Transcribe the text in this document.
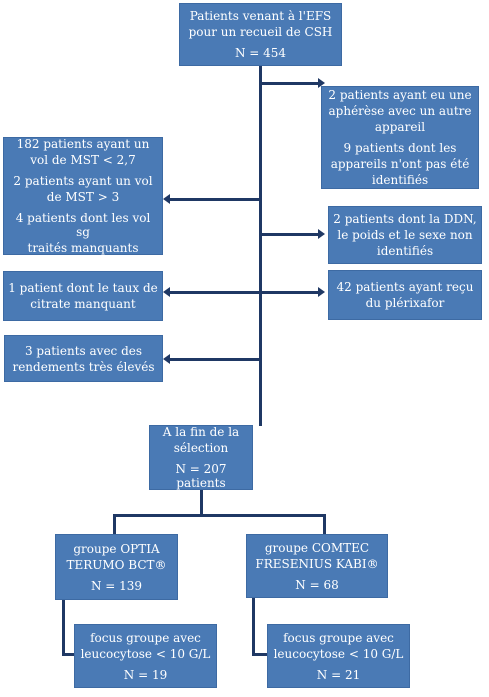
Patients venant à l'EFS
pour un recueil de CSH
N = 454
2 patients ayant eu une
aphérèse avec un autre
appareil
9 patients dont les
appareils n'ont pas été
identifiés
182 patients ayant un
vol de MST < 2,7
2 patients ayant un vol
de MST > 3
4 patients dont les vol sg
traités manquants
2 patients dont la DDN,
le poids et le sexe non
identifiés
1 patient dont le taux de
citrate manquant
42 patients ayant reçu
du plérixafor
3 patients avec des
rendements très élevés
A la fin de la
sélection
N = 207 patients
groupe OPTIA
TERUMO BCT®
N = 139
groupe COMTEC
FRESENIUS KABI®
N = 68
focus groupe avec
leucocytose < 10 G/L
N = 19
focus groupe avec
leucocytose < 10 G/L
N = 21
